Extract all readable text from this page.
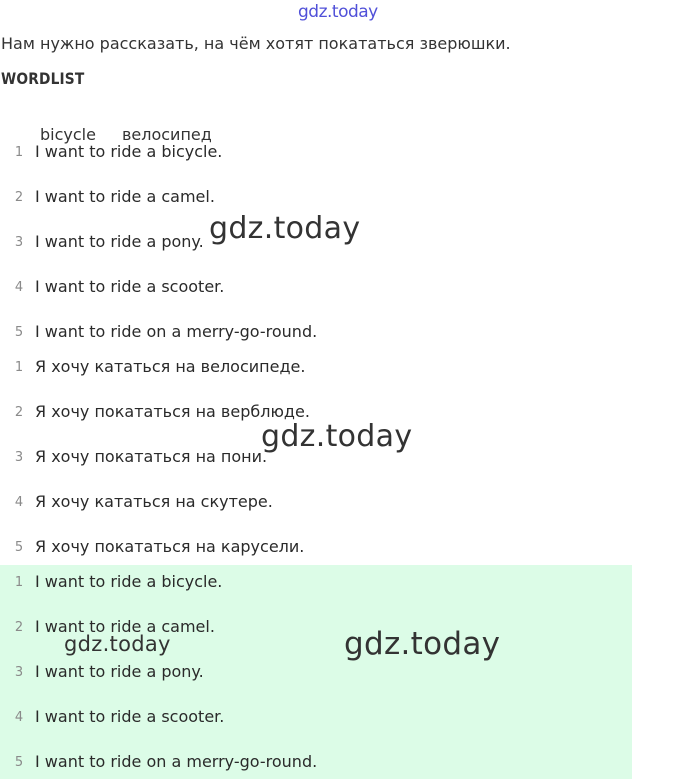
gdz.today
Нам нужно рассказать, на чём хотят покататься зверюшки.
WORDLIST
bicycle велосипед
1 I want to ride a bicycle.
2 I want to ride a camel.
3 I want to ride a pony.
4 I want to ride a scooter.
5 I want to ride on a merry-go-round.
1 Я хочу кататься на велосипеде.
2 Я хочу покататься на верблюде.
3 Я хочу покататься на пони.
4 Я хочу кататься на скутере.
5 Я хочу покататься на карусели.
1 I want to ride a bicycle.
2 I want to ride a camel.
3 I want to ride a pony.
4 I want to ride a scooter.
5 I want to ride on a merry-go-round.
gdz.today
gdz.today
gdz.today
gdz.today
